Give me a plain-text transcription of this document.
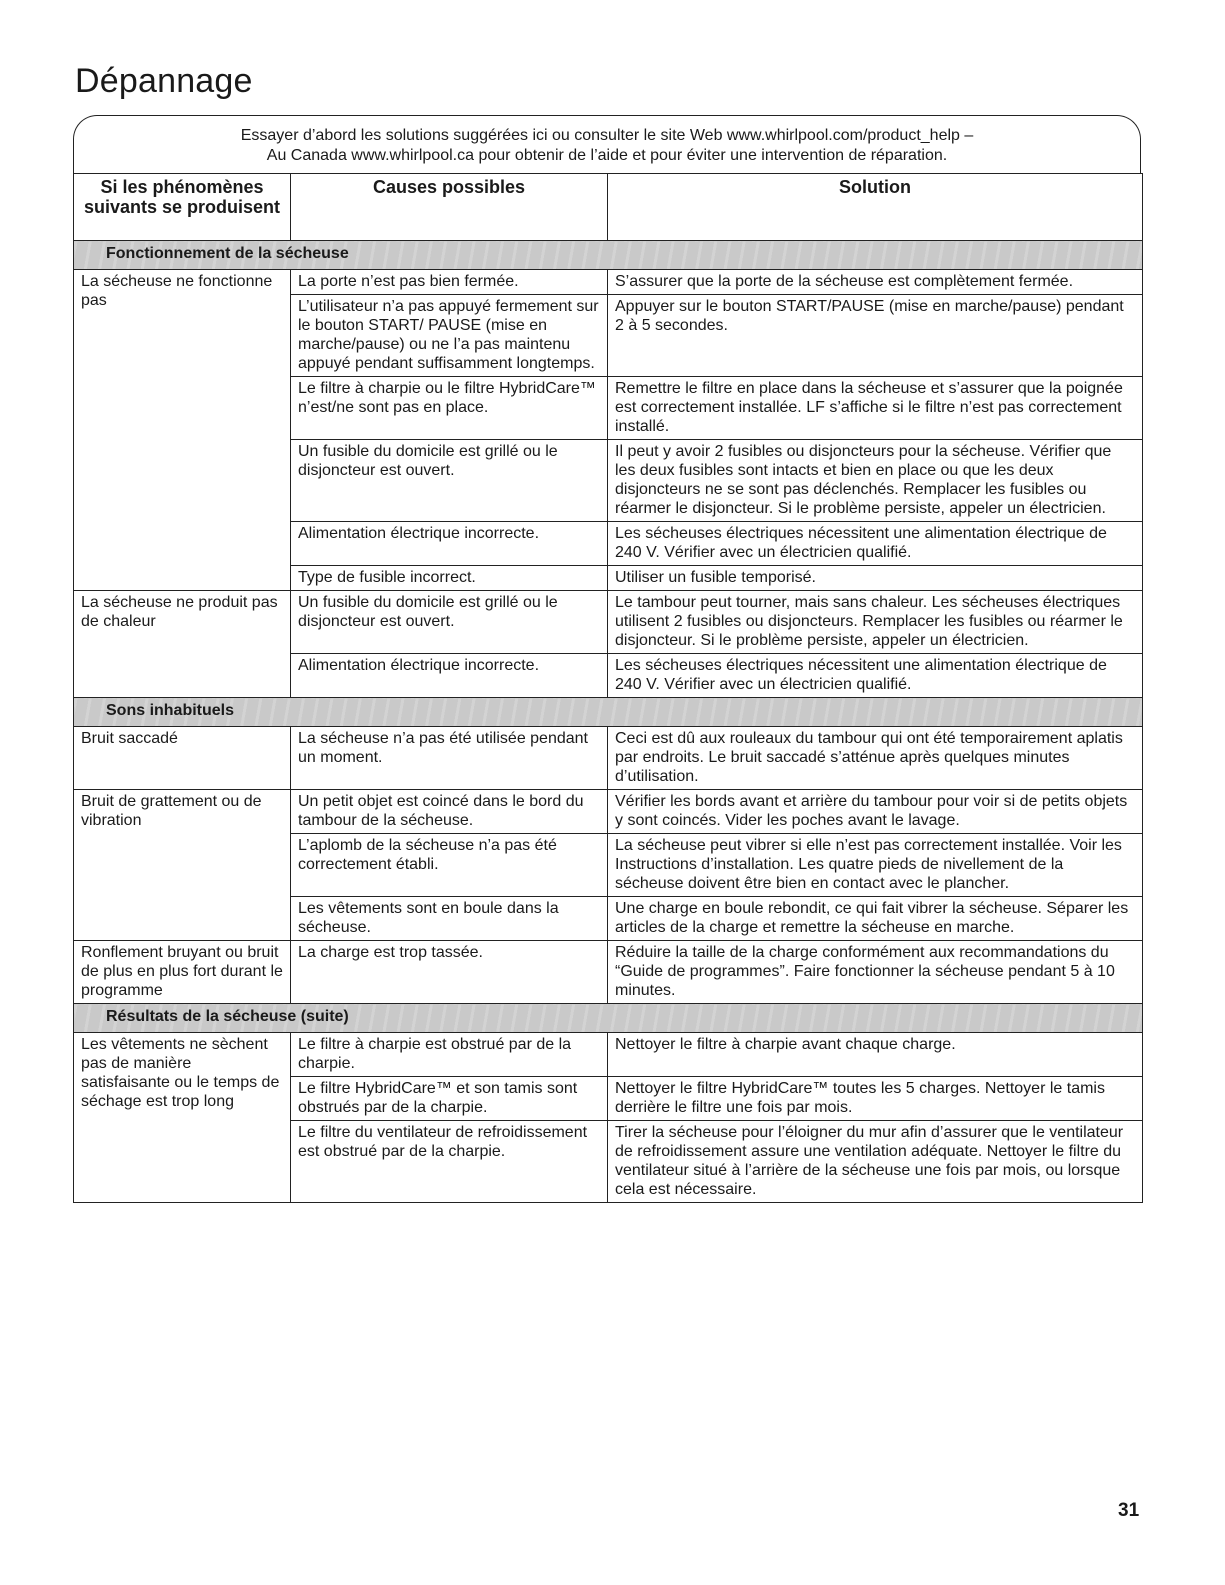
Dépannage
Essayer d’abord les solutions suggérées ici ou consulter le site Web www.whirlpool.com/product_help –
Au Canada www.whirlpool.ca pour obtenir de l’aide et pour éviter une intervention de réparation.
Si les phénomènes suivants se produisent	Causes possibles	Solution
Fonctionnement de la sécheuse		
La sécheuse ne fonctionne pas	La porte n’est pas bien fermée.	S’assurer que la porte de la sécheuse est complètement fermée.
	L’utilisateur n’a pas appuyé fermement sur le bouton START/ PAUSE (mise en marche/pause) ou ne l’a pas maintenu appuyé pendant suffisamment longtemps.	Appuyer sur le bouton START/PAUSE (mise en marche/pause) pendant 2 à 5 secondes.
	Le filtre à charpie ou le filtre HybridCare™ n’est/ne sont pas en place.	Remettre le filtre en place dans la sécheuse et s’assurer que la poignée est correctement installée. LF s’affiche si le filtre n’est pas correctement installé.
	Un fusible du domicile est grillé ou le disjoncteur est ouvert.	Il peut y avoir 2 fusibles ou disjoncteurs pour la sécheuse. Vérifier que les deux fusibles sont intacts et bien en place ou que les deux disjoncteurs ne se sont pas déclenchés. Remplacer les fusibles ou réarmer le disjoncteur. Si le problème persiste, appeler un électricien.
	Alimentation électrique incorrecte.	Les sécheuses électriques nécessitent une alimentation électrique de 240 V. Vérifier avec un électricien qualifié.
	Type de fusible incorrect.	Utiliser un fusible temporisé.
La sécheuse ne produit pas de chaleur	Un fusible du domicile est grillé ou le disjoncteur est ouvert.	Le tambour peut tourner, mais sans chaleur. Les sécheuses électriques utilisent 2 fusibles ou disjoncteurs. Remplacer les fusibles ou réarmer le disjoncteur. Si le problème persiste, appeler un électricien.
	Alimentation électrique incorrecte.	Les sécheuses électriques nécessitent une alimentation électrique de 240 V. Vérifier avec un électricien qualifié.
Sons inhabituels		
Bruit saccadé	La sécheuse n’a pas été utilisée pendant un moment.	Ceci est dû aux rouleaux du tambour qui ont été temporairement aplatis par endroits. Le bruit saccadé s’atténue après quelques minutes d’utilisation.
Bruit de grattement ou de vibration	Un petit objet est coincé dans le bord du tambour de la sécheuse.	Vérifier les bords avant et arrière du tambour pour voir si de petits objets y sont coincés. Vider les poches avant le lavage.
	L’aplomb de la sécheuse n’a pas été correctement établi.	La sécheuse peut vibrer si elle n’est pas correctement installée. Voir les Instructions d’installation. Les quatre pieds de nivellement de la sécheuse doivent être bien en contact avec le plancher.
	Les vêtements sont en boule dans la sécheuse.	Une charge en boule rebondit, ce qui fait vibrer la sécheuse. Séparer les articles de la charge et remettre la sécheuse en marche.
Ronflement bruyant ou bruit de plus en plus fort durant le programme	La charge est trop tassée.	Réduire la taille de la charge conformément aux recommandations du “Guide de programmes”. Faire fonctionner la sécheuse pendant 5 à 10 minutes.
Résultats de la sécheuse (suite)		
Les vêtements ne sèchent pas de manière satisfaisante ou le temps de séchage est trop long	Le filtre à charpie est obstrué par de la charpie.	Nettoyer le filtre à charpie avant chaque charge.
	Le filtre HybridCare™ et son tamis sont obstrués par de la charpie.	Nettoyer le filtre HybridCare™ toutes les 5 charges. Nettoyer le tamis derrière le filtre une fois par mois.
	Le filtre du ventilateur de refroidissement est obstrué par de la charpie.	Tirer la sécheuse pour l’éloigner du mur afin d’assurer que le ventilateur de refroidissement assure une ventilation adéquate. Nettoyer le filtre du ventilateur situé à l’arrière de la sécheuse une fois par mois, ou lorsque cela est nécessaire.
31
